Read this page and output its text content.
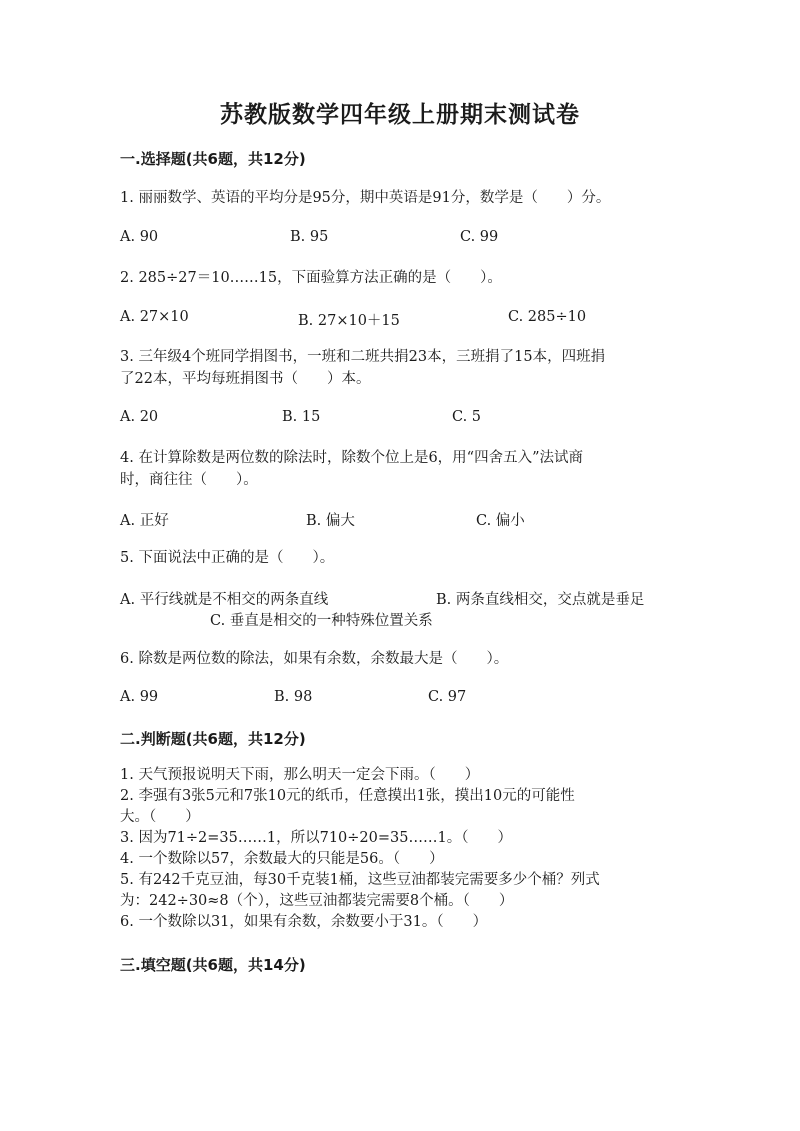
苏教版数学四年级上册期末测试卷
一.选择题(共6题，共12分)
1. 丽丽数学、英语的平均分是95分，期中英语是91分，数学是（　　）分。
A. 90	B. 95	C. 99
2. 285÷27＝10……15，下面验算方法正确的是（　　）。
A. 27×10	B. 27×10＋15	C. 285÷10
3. 三年级4个班同学捐图书，一班和二班共捐23本，三班捐了15本，四班捐
了22本，平均每班捐图书（　　）本。
A. 20	B. 15	C. 5
4. 在计算除数是两位数的除法时，除数个位上是6，用“四舍五入”法试商
时，商往往（　　）。
A. 正好	B. 偏大	C. 偏小
5. 下面说法中正确的是（　　）。
A. 平行线就是不相交的两条直线	B. 两条直线相交，交点就是垂足
C. 垂直是相交的一种特殊位置关系
6. 除数是两位数的除法，如果有余数，余数最大是（　　）。
A. 99	B. 98	C. 97
二.判断题(共6题，共12分)
1. 天气预报说明天下雨，那么明天一定会下雨。（　　）
2. 李强有3张5元和7张10元的纸币，任意摸出1张，摸出10元的可能性
大。（　　）
3. 因为71÷2=35……1，所以710÷20=35……1。（　　）
4. 一个数除以57，余数最大的只能是56。（　　）
5. 有242千克豆油，每30千克装1桶，这些豆油都装完需要多少个桶？列式
为：242÷30≈8（个），这些豆油都装完需要8个桶。（　　）
6. 一个数除以31，如果有余数，余数要小于31。（　　）
三.填空题(共6题，共14分)
